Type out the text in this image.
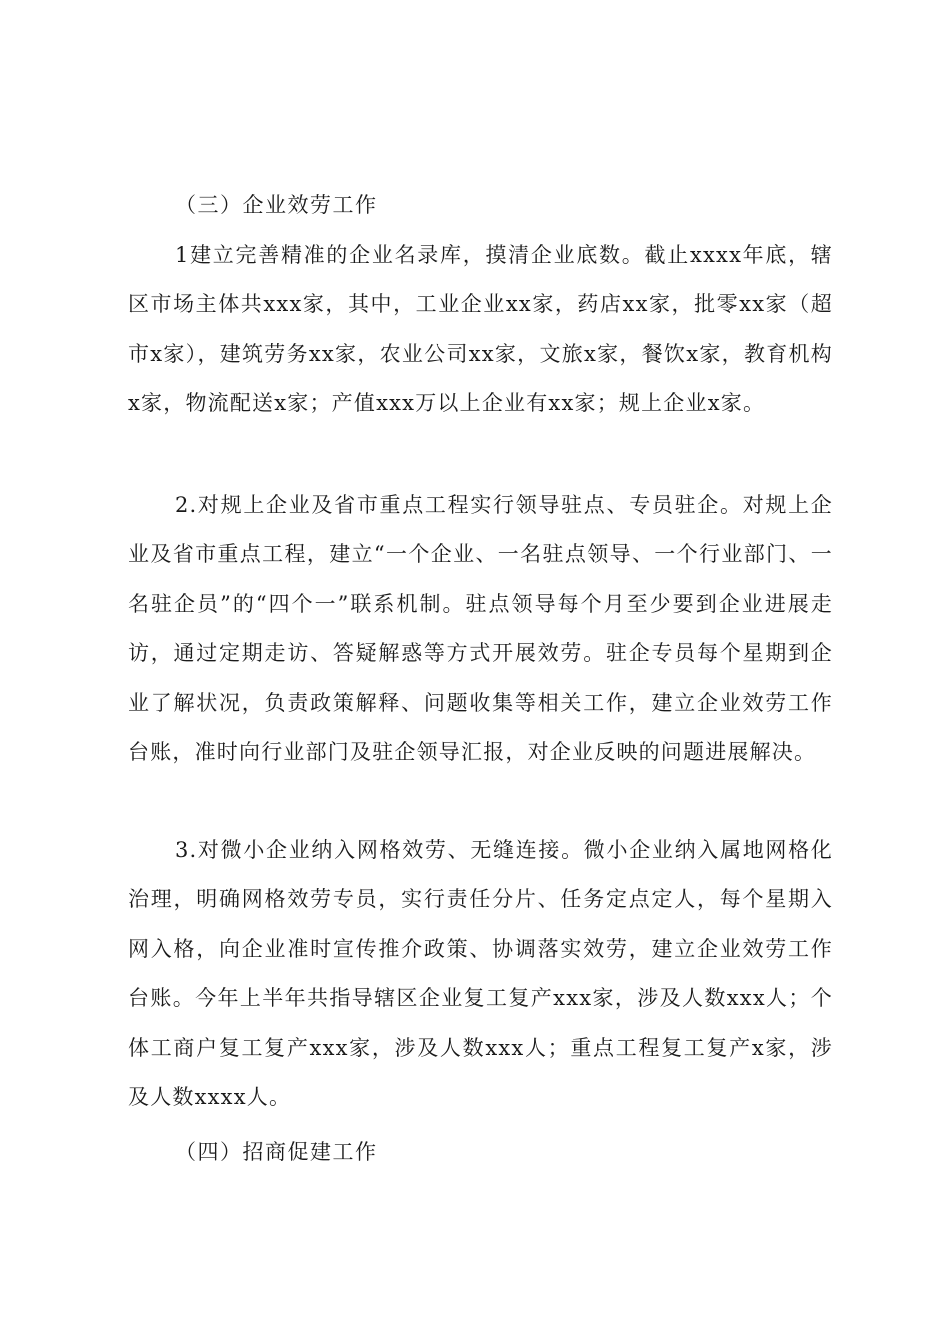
（三）企业效劳工作

1建立完善精准的企业名录库，摸清企业底数。截止xxxx年底，辖区市场主体共xxx家，其中，工业企业xx家，药店xx家，批零xx家（超市x家），建筑劳务xx家，农业公司xx家，文旅x家，餐饮x家，教育机构x家，物流配送x家；产值xxx万以上企业有xx家；规上企业x家。

2.对规上企业及省市重点工程实行领导驻点、专员驻企。对规上企业及省市重点工程，建立“一个企业、一名驻点领导、一个行业部门、一名驻企员”的“四个一”联系机制。驻点领导每个月至少要到企业进展走访，通过定期走访、答疑解惑等方式开展效劳。驻企专员每个星期到企业了解状况，负责政策解释、问题收集等相关工作，建立企业效劳工作台账，准时向行业部门及驻企领导汇报，对企业反映的问题进展解决。

3.对微小企业纳入网格效劳、无缝连接。微小企业纳入属地网格化治理，明确网格效劳专员，实行责任分片、任务定点定人，每个星期入网入格，向企业准时宣传推介政策、协调落实效劳，建立企业效劳工作台账。今年上半年共指导辖区企业复工复产xxx家，涉及人数xxx人；个体工商户复工复产xxx家，涉及人数xxx人；重点工程复工复产x家，涉及人数xxxx人。

（四）招商促建工作
